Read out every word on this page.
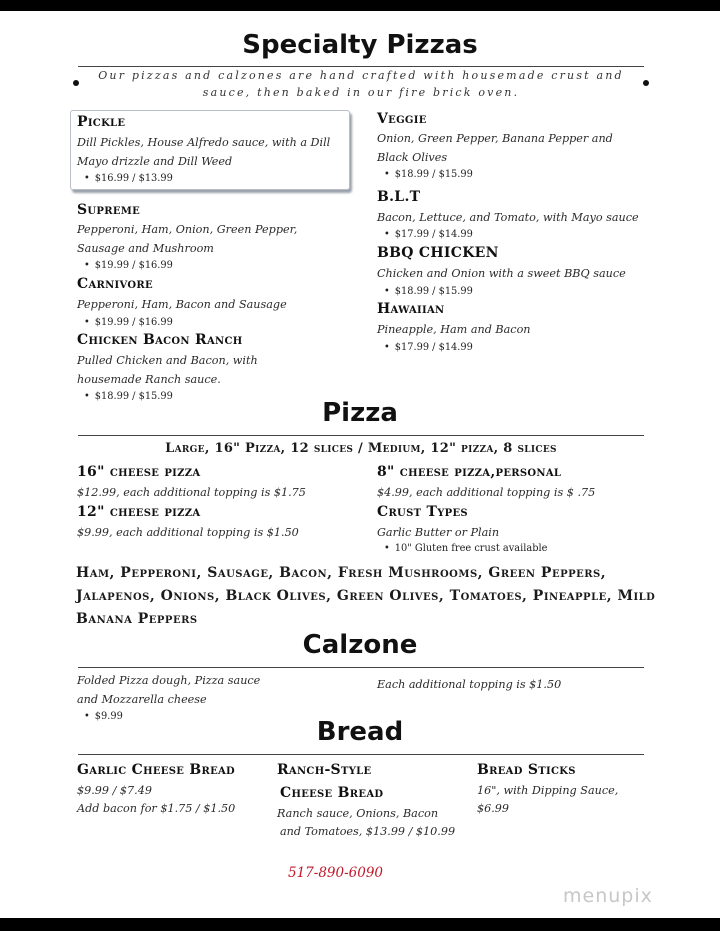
Specialty Pizzas
Our pizzas and calzones are hand crafted with housemade crust and sauce, then baked in our fire brick oven.
Pickle
Dill Pickles, House Alfredo sauce, with a Dill Mayo drizzle and Dill Weed
• $16.99 / $13.99
Supreme
Pepperoni, Ham, Onion, Green Pepper, Sausage and Mushroom
• $19.99 / $16.99
Carnivore
Pepperoni, Ham, Bacon and Sausage
• $19.99 / $16.99
Chicken Bacon Ranch
Pulled Chicken and Bacon, with housemade Ranch sauce.
• $18.99 / $15.99
Veggie
Onion, Green Pepper, Banana Pepper and Black Olives
• $18.99 / $15.99
B.L.T
Bacon, Lettuce, and Tomato, with Mayo sauce
• $17.99 / $14.99
BBQ CHICKEN
Chicken and Onion with a sweet BBQ sauce
• $18.99 / $15.99
Hawaiian
Pineapple, Ham and Bacon
• $17.99 / $14.99
Pizza
Large, 16" Pizza, 12 slices / Medium, 12" pizza, 8 slices
16" cheese pizza
$12.99, each additional topping is $1.75
12" cheese pizza
$9.99, each additional topping is $1.50
8" cheese pizza,personal
$4.99, each additional topping is $ .75
Crust Types
Garlic Butter or Plain
• 10" Gluten free crust available
Ham, Pepperoni, Sausage, Bacon, Fresh Mushrooms, Green Peppers, Jalapenos, Onions, Black Olives, Green Olives, Tomatoes, Pineapple, Mild Banana Peppers
Calzone
Folded Pizza dough, Pizza sauce and Mozzarella cheese
• $9.99
Each additional topping is $1.50
Bread
Garlic Cheese Bread
$9.99 / $7.49
Add bacon for $1.75 / $1.50
Ranch-Style
Cheese Bread
Ranch sauce, Onions, Bacon
and Tomatoes, $13.99 / $10.99
Bread Sticks
16", with Dipping Sauce,
$6.99
517-890-6090
menupix
